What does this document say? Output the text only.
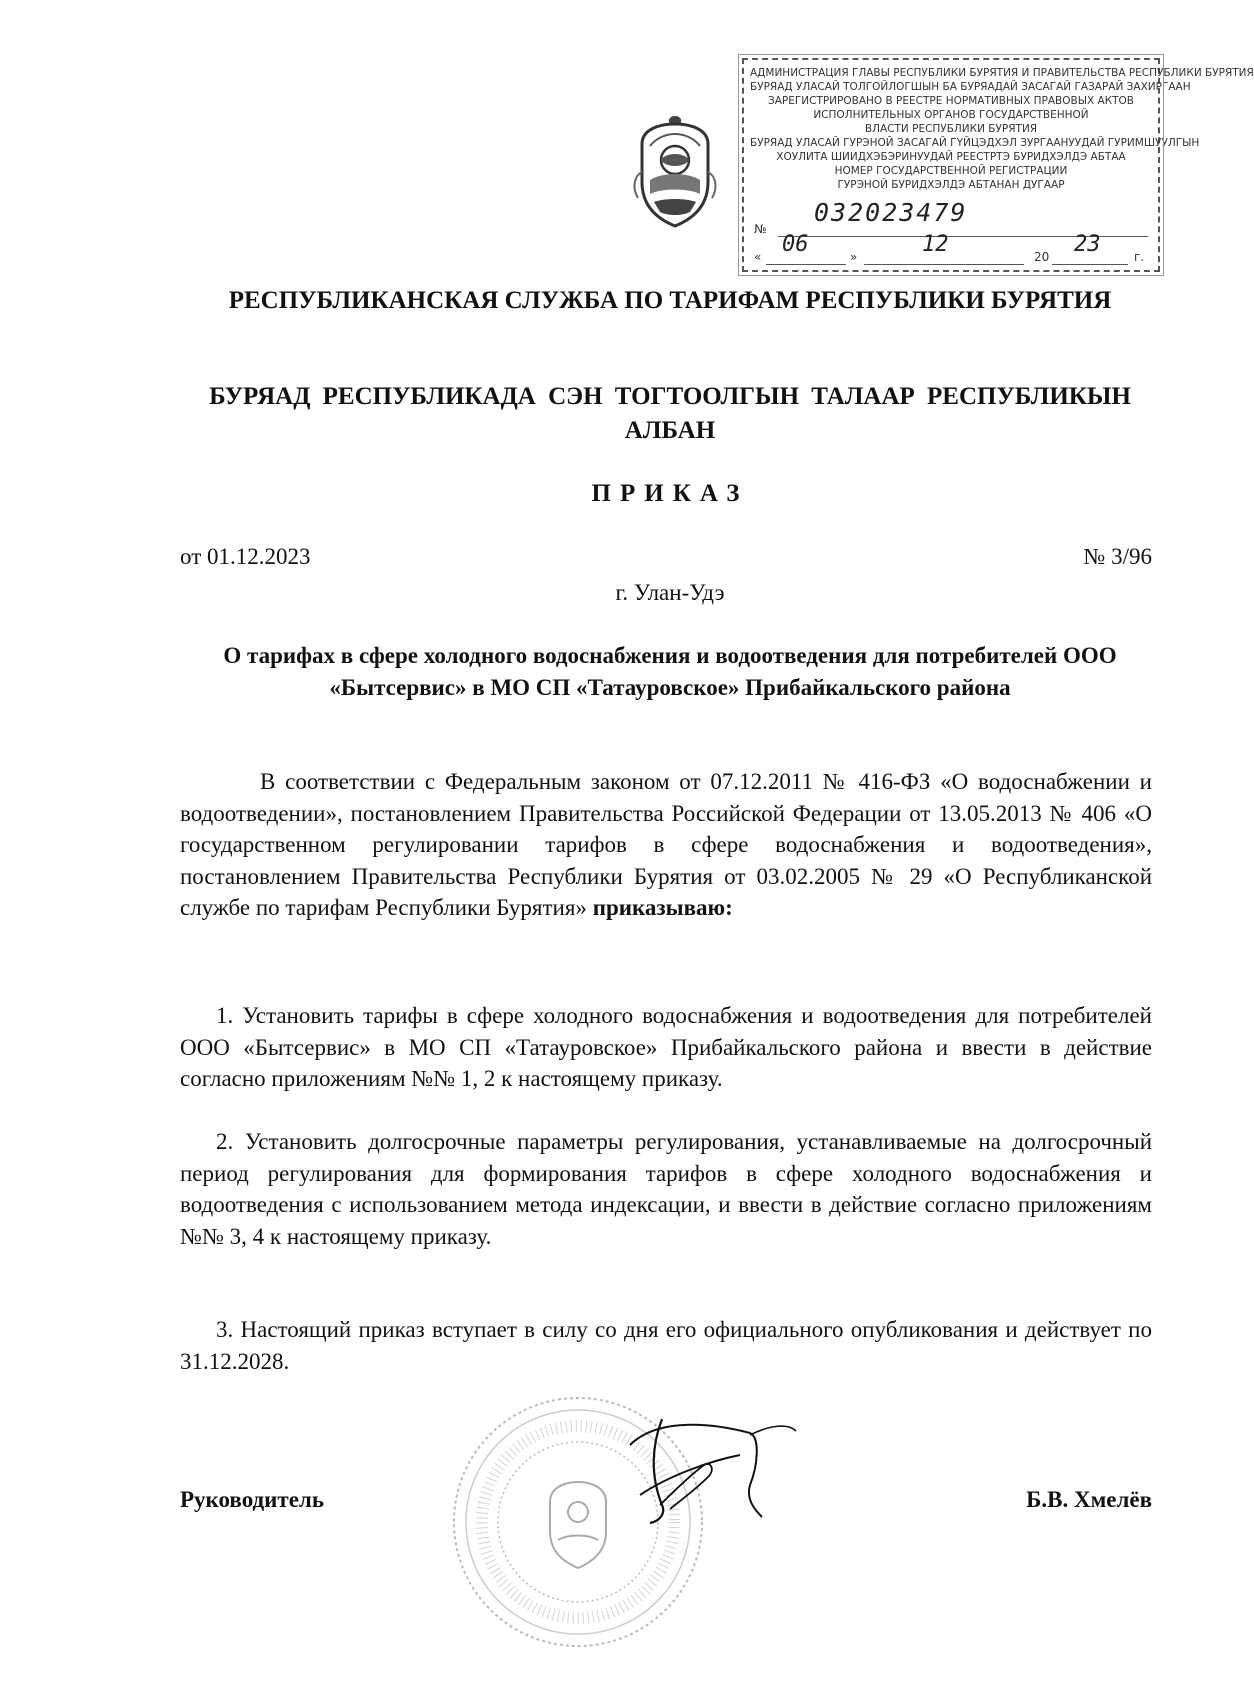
АДМИНИСТРАЦИЯ ГЛАВЫ РЕСПУБЛИКИ БУРЯТИЯ И ПРАВИТЕЛЬСТВА РЕСПУБЛИКИ БУРЯТИЯ
БУРЯАД УЛАСАЙ ТОЛГОЙЛОГШЫН БА БУРЯАДАЙ ЗАСАГАЙ ГАЗАРАЙ ЗАХИРГААН
ЗАРЕГИСТРИРОВАНО В РЕЕСТРЕ НОРМАТИВНЫХ ПРАВОВЫХ АКТОВ
ИСПОЛНИТЕЛЬНЫХ ОРГАНОВ ГОСУДАРСТВЕННОЙ
ВЛАСТИ РЕСПУБЛИКИ БУРЯТИЯ
БУРЯАД УЛАСАЙ ГУРЭНОЙ ЗАСАГАЙ ГҮЙЦЭДХЭЛ ЗУРГААНУУДАЙ ГУРИМШУУЛГЫН
ХОУЛИТА ШИИДХЭБЭРИНУУДАЙ РЕЕСТРТЭ БУРИДХЭЛДЭ АБТАА
НОМЕР ГОСУДАРСТВЕННОЙ РЕГИСТРАЦИИ
ГУРЭНОЙ БУРИДХЭЛДЭ АБТАНАН ДУГААР
№
032023479
« 06	»	12	20 23	г.
РЕСПУБЛИКАНСКАЯ СЛУЖБА ПО ТАРИФАМ РЕСПУБЛИКИ БУРЯТИЯ
БУРЯАД РЕСПУБЛИКАДА СЭН ТОГТООЛГЫН ТАЛААР РЕСПУБЛИКЫН АЛБАН
ПРИКАЗ
от 01.12.2023	№ 3/96
г. Улан-Удэ

О тарифах в сфере холодного водоснабжения и водоотведения для потребителей ООО «Бытсервис» в МО СП «Татауровское» Прибайкальского района

В соответствии с Федеральным законом от 07.12.2011 № 416-ФЗ «О водоснабжении и водоотведении», постановлением Правительства Российской Федерации от 13.05.2013 № 406 «О государственном регулировании тарифов в сфере водоснабжения и водоотведения», постановлением Правительства Республики Бурятия от 03.02.2005 № 29 «О Республиканской службе по тарифам Республики Бурятия» приказываю:

1. Установить тарифы в сфере холодного водоснабжения и водоотведения для потребителей ООО «Бытсервис» в МО СП «Татауровское» Прибайкальского района и ввести в действие согласно приложениям №№ 1, 2 к настоящему приказу.

2. Установить долгосрочные параметры регулирования, устанавливаемые на долгосрочный период регулирования для формирования тарифов в сфере холодного водоснабжения и водоотведения с использованием метода индексации, и ввести в действие согласно приложениям №№ 3, 4 к настоящему приказу.

3. Настоящий приказ вступает в силу со дня его официального опубликования и действует по 31.12.2028.

Руководитель	Б.В. Хмелёв
